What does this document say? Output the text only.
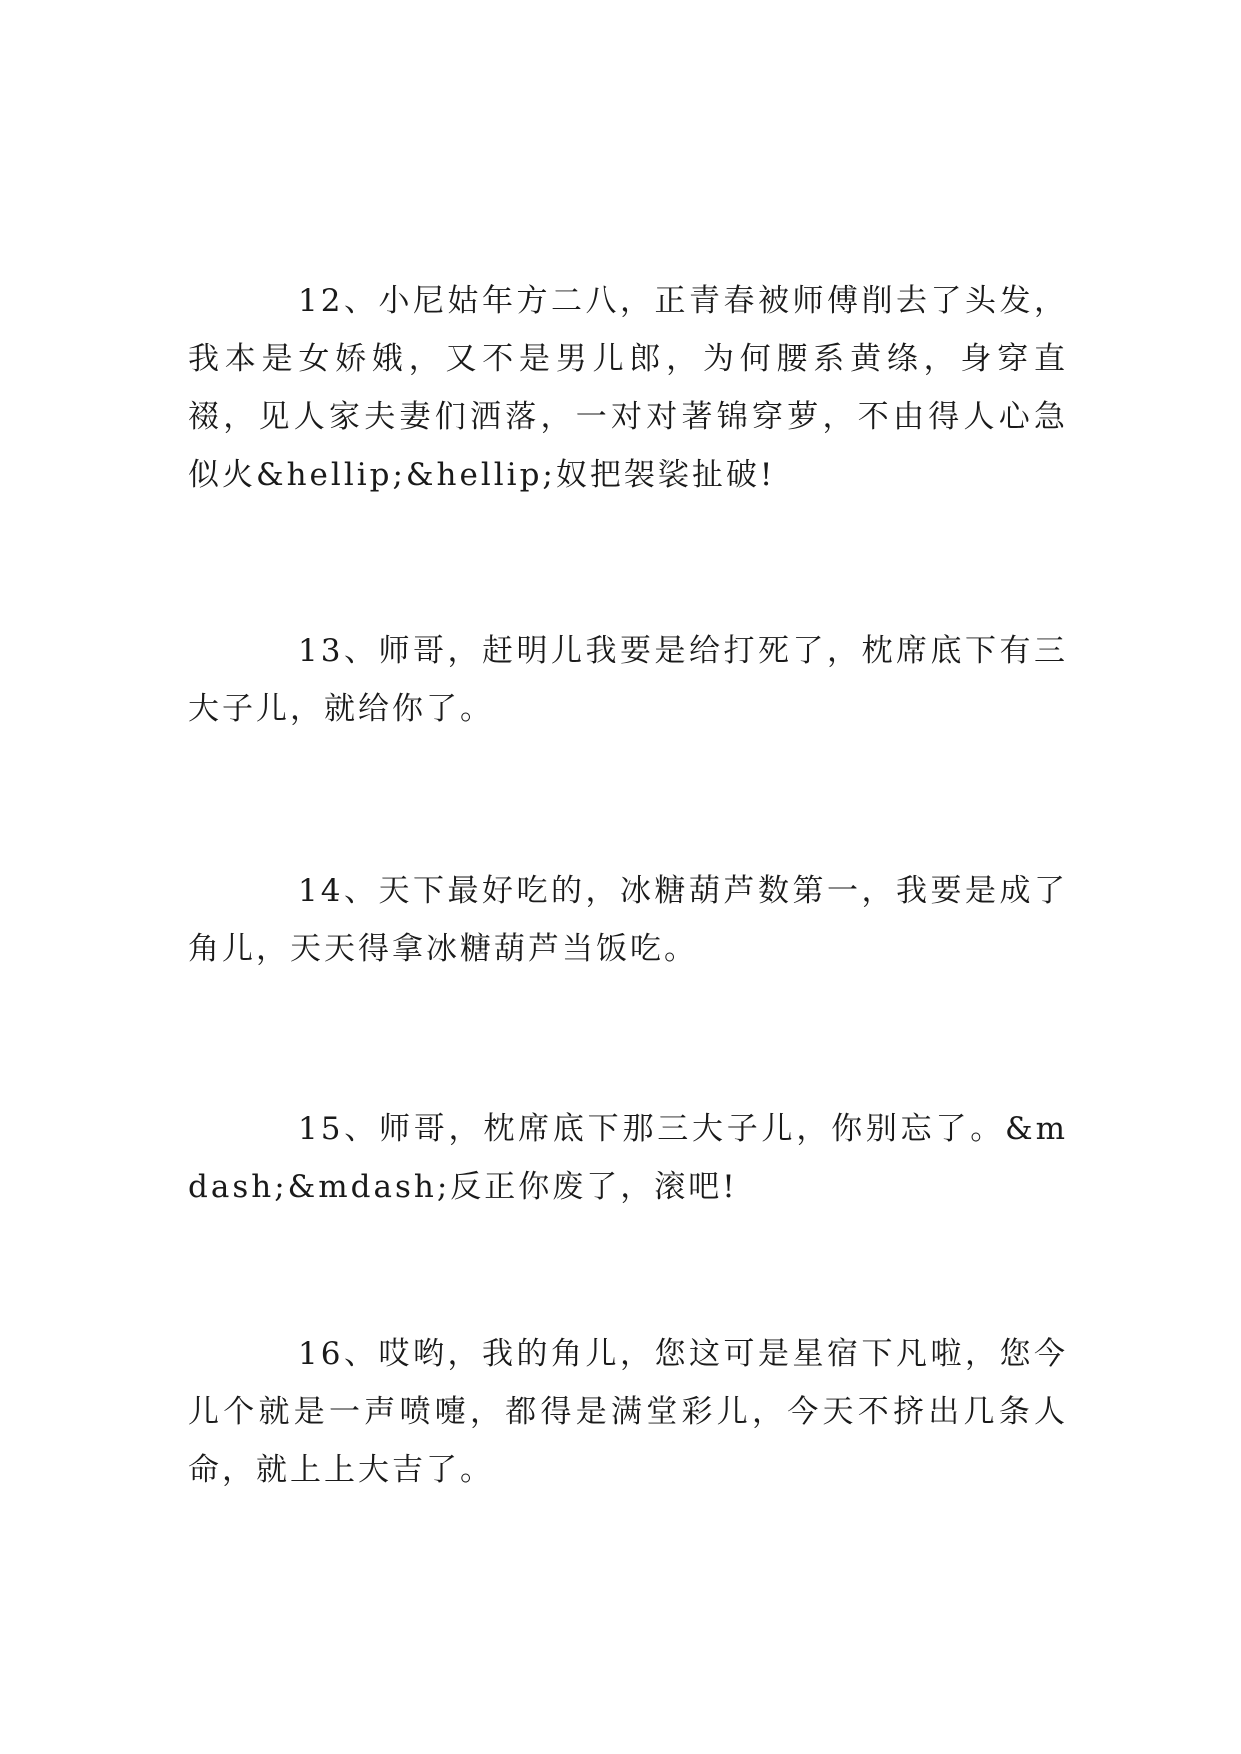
12、小尼姑年方二八，正青春被师傅削去了头发，我本是女娇娥，又不是男儿郎，为何腰系黄绦，身穿直裰，见人家夫妻们洒落，一对对著锦穿萝，不由得人心急似火&hellip;&hellip;奴把袈裟扯破!

13、师哥，赶明儿我要是给打死了，枕席底下有三大子儿，就给你了。

14、天下最好吃的，冰糖葫芦数第一，我要是成了角儿，天天得拿冰糖葫芦当饭吃。

15、师哥，枕席底下那三大子儿，你别忘了。&mdash;&mdash;反正你废了，滚吧!

16、哎哟，我的角儿，您这可是星宿下凡啦，您今儿个就是一声喷嚏，都得是满堂彩儿，今天不挤出几条人命，就上上大吉了。
